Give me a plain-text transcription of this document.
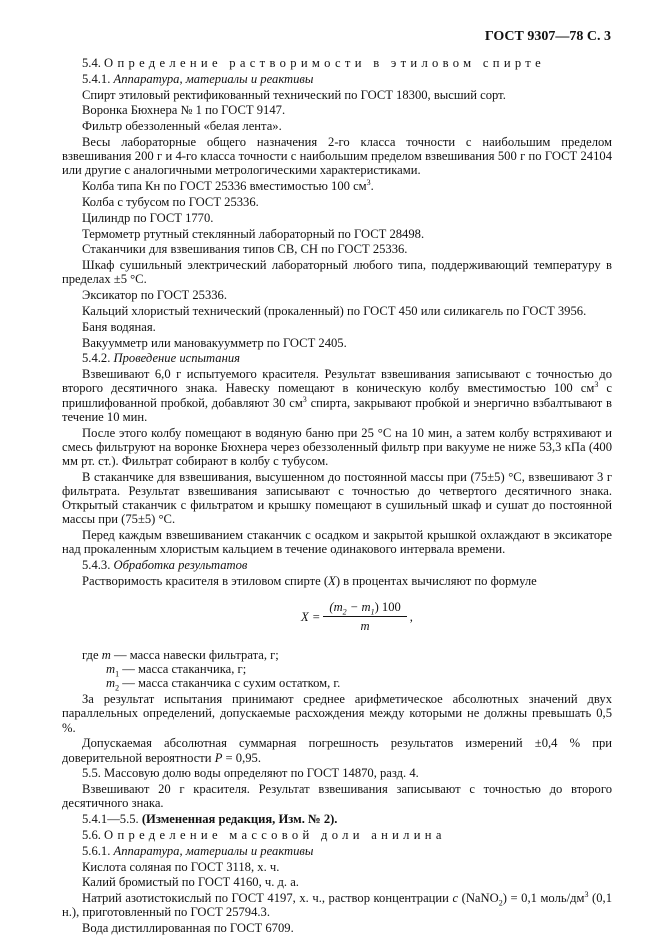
ГОСТ 9307—78 С. 3

5.4. Определение растворимости в этиловом спирте

5.4.1. Аппаратура, материалы и реактивы

Спирт этиловый ректификованный технический по ГОСТ 18300, высший сорт.

Воронка Бюхнера № 1 по ГОСТ 9147.

Фильтр обеззоленный «белая лента».

Весы лабораторные общего назначения 2-го класса точности с наибольшим пределом взвешивания 200 г и 4-го класса точности с наибольшим пределом взвешивания 500 г по ГОСТ 24104 или другие с аналогичными метрологическими характеристиками.

Колба типа Кн по ГОСТ 25336 вместимостью 100 $см^3$.

Колба с тубусом по ГОСТ 25336.

Цилиндр по ГОСТ 1770.

Термометр ртутный стеклянный лабораторный по ГОСТ 28498.

Стаканчики для взвешивания типов СВ, СН по ГОСТ 25336.

Шкаф сушильный электрический лабораторный любого типа, поддерживающий температуру в пределах ±5 °С.

Эксикатор по ГОСТ 25336.

Кальций хлористый технический (прокаленный) по ГОСТ 450 или силикагель по ГОСТ 3956.

Баня водяная.

Вакуумметр или мановакуумметр по ГОСТ 2405.

5.4.2. Проведение испытания

Взвешивают 6,0 г испытуемого красителя. Результат взвешивания записывают с точностью до второго десятичного знака. Навеску помещают в коническую колбу вместимостью 100 $см^3$ с пришлифованной пробкой, добавляют 30 $см^3$ спирта, закрывают пробкой и энергично взбалтывают в течение 10 мин.

После этого колбу помещают в водяную баню при 25 °С на 10 мин, а затем колбу встряхивают и смесь фильтруют на воронке Бюхнера через обеззоленный фильтр при вакууме не ниже 53,3 кПа (400 мм рт. ст.). Фильтрат собирают в колбу с тубусом.

В стаканчике для взвешивания, высушенном до постоянной массы при (75±5) °С, взвешивают 3 г фильтрата. Результат взвешивания записывают с точностью до четвертого десятичного знака. Открытый стаканчик с фильтратом и крышку помещают в сушильный шкаф и сушат до постоянной массы при (75±5) °С.

Перед каждым взвешиванием стаканчик с осадком и закрытой крышкой охлаждают в эксикаторе над прокаленным хлористым кальцием в течение одинакового интервала времени.

5.4.3. Обработка результатов

Растворимость красителя в этиловом спирте (X) в процентах вычисляют по формуле

$X = \frac{(m_2 - m_1) 100}{m}$ ,
где m — масса навески фильтрата, г;
$m_1$ — масса стаканчика, г;
$m_2$ — масса стаканчика с сухим остатком, г.

За результат испытания принимают среднее арифметическое абсолютных значений двух параллельных определений, допускаемые расхождения между которыми не должны превышать 0,5 %.

Допускаемая абсолютная суммарная погрешность результатов измерений ±0,4 % при доверительной вероятности P = 0,95.

5.5. Массовую долю воды определяют по ГОСТ 14870, разд. 4.

Взвешивают 20 г красителя. Результат взвешивания записывают с точностью до второго десятичного знака.

5.4.1—5.5. (Измененная редакция, Изм. № 2).

5.6. Определение массовой доли анилина

5.6.1. Аппаратура, материалы и реактивы

Кислота соляная по ГОСТ 3118, х. ч.

Калий бромистый по ГОСТ 4160, ч. д. а.

Натрий азотистокислый по ГОСТ 4197, х. ч., раствор концентрации c (NaNO$_2$) = 0,1 моль/$дм^3$ (0,1 н.), приготовленный по ГОСТ 25794.3.

Вода дистиллированная по ГОСТ 6709.
